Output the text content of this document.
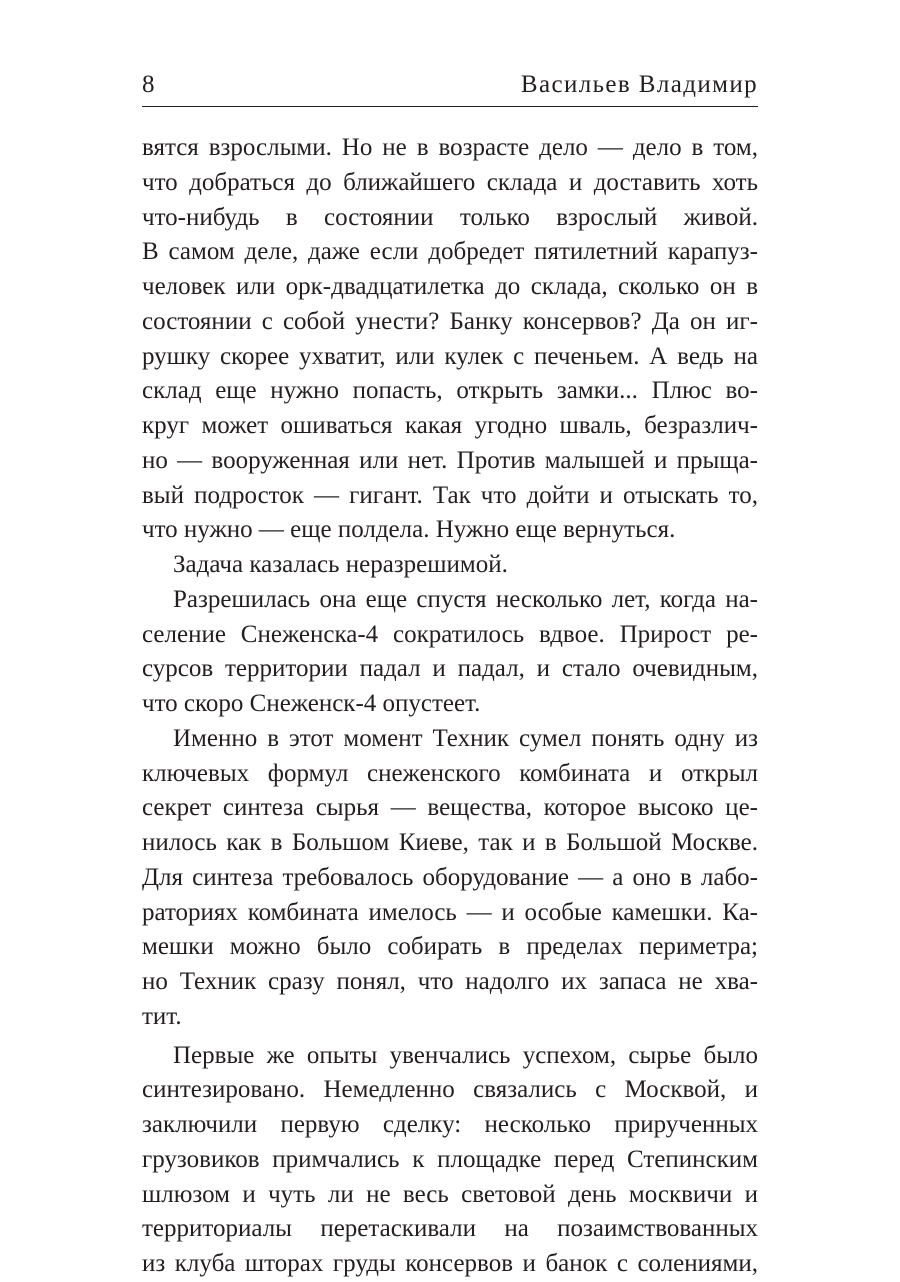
8	Васильев Владимир
вятся взрослыми. Но не в возрасте дело — дело в том,
что добраться до ближайшего склада и доставить хоть
что-нибудь в состоянии только взрослый живой.
В самом деле, даже если добредет пятилетний карапуз-
человек или орк-двадцатилетка до склада, сколько он в
состоянии с собой унести? Банку консервов? Да он иг-
рушку скорее ухватит, или кулек с печеньем. А ведь на
склад еще нужно попасть, открыть замки... Плюс во-
круг может ошиваться какая угодно шваль, безразлич-
но — вооруженная или нет. Против малышей и прыща-
вый подросток — гигант. Так что дойти и отыскать то,
что нужно — еще полдела. Нужно еще вернуться.
Задача казалась неразрешимой.
Разрешилась она еще спустя несколько лет, когда на-
селение Снеженска-4 сократилось вдвое. Прирост ре-
сурсов территории падал и падал, и стало очевидным,
что скоро Снеженск-4 опустеет.
Именно в этот момент Техник сумел понять одну из
ключевых формул снеженского комбината и открыл
секрет синтеза сырья — вещества, которое высоко це-
нилось как в Большом Киеве, так и в Большой Москве.
Для синтеза требовалось оборудование — а оно в лабо-
раториях комбината имелось — и особые камешки. Ка-
мешки можно было собирать в пределах периметра;
но Техник сразу понял, что надолго их запаса не хва-
тит.
Первые же опыты увенчались успехом, сырье было
синтезировано. Немедленно связались с Москвой, и
заключили первую сделку: несколько прирученных
грузовиков примчались к площадке перед Степинским
шлюзом и чуть ли не весь световой день москвичи и
территориалы перетаскивали на позаимствованных
из клуба шторах груды консервов и банок с солениями,
